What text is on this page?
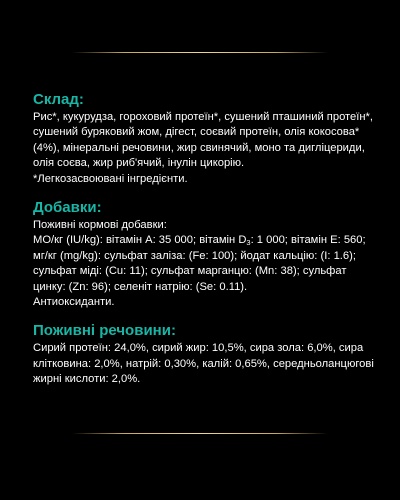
Склад:

Рис*, кукурудза, гороховий протеїн*, сушений пташиний протеїн*, сушений буряковий жом, дігест, соєвий протеїн, олія кокосова* (4%), мінеральні речовини, жир свинячий, моно та дигліцериди, олія соєва, жир риб'ячий, інулін цикорію.

*Легкозасвоювані інгредієнти.

Добавки:

Поживні кормові добавки:

МО/кг (IU/kg): вітамін А: 35 000; вітамін $D_3$: 1 000; вітамін Е: 560; мг/кг (mg/kg): сульфат заліза: (Fe: 100); йодат кальцію: (I: 1.6); сульфат міді: (Cu: 11); сульфат марганцю: (Mn: 38); сульфат цинку: (Zn: 96); селеніт натрію: (Se: 0.11).

Антиоксиданти.

Поживні речовини:

Сирий протеїн: 24,0%, сирий жир: 10,5%, сира зола: 6,0%, сира клітковина: 2,0%, натрій: 0,30%, калій: 0,65%, середньоланцюгові жирні кислоти: 2,0%.
